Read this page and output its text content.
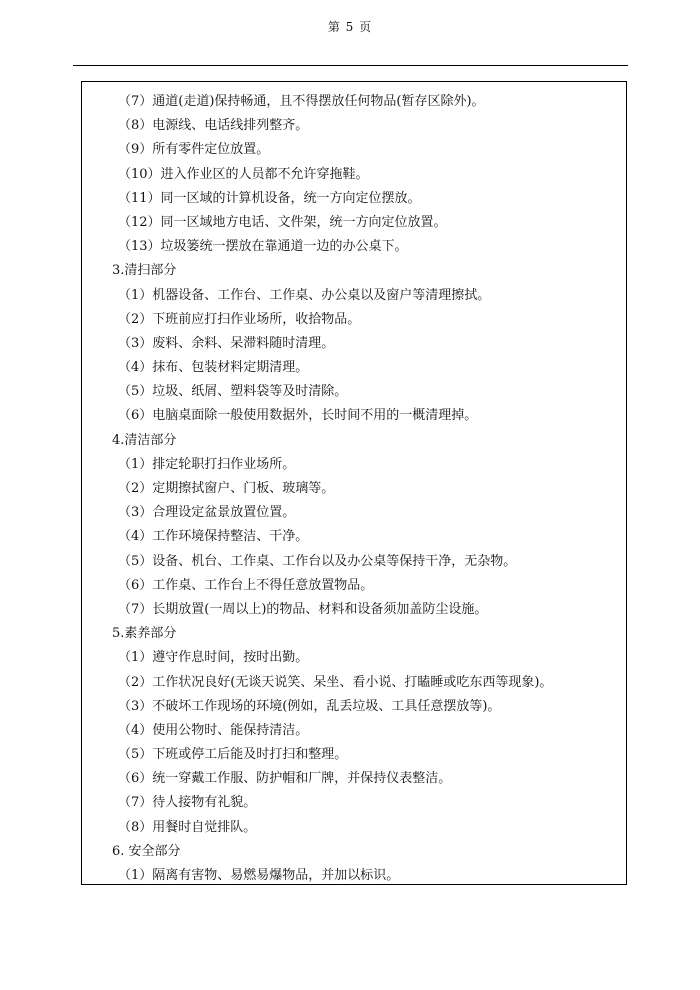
第 5 页
（7）通道(走道)保持畅通，且不得摆放任何物品(暂存区除外)。
（8）电源线、电话线排列整齐。
（9）所有零件定位放置。
（10）进入作业区的人员都不允许穿拖鞋。
（11）同一区域的计算机设备，统一方向定位摆放。
（12）同一区域地方电话、文件架，统一方向定位放置。
（13）垃圾篓统一摆放在靠通道一边的办公桌下。
3.清扫部分
（1）机器设备、工作台、工作桌、办公桌以及窗户等清理擦拭。
（2）下班前应打扫作业场所，收拾物品。
（3）废料、余料、呆滞料随时清理。
（4）抹布、包装材料定期清理。
（5）垃圾、纸屑、塑料袋等及时清除。
（6）电脑桌面除一般使用数据外，长时间不用的一概清理掉。
4.清洁部分
（1）排定轮职打扫作业场所。
（2）定期擦拭窗户、门板、玻璃等。
（3）合理设定盆景放置位置。
（4）工作环境保持整洁、干净。
（5）设备、机台、工作桌、工作台以及办公桌等保持干净，无杂物。
（6）工作桌、工作台上不得任意放置物品。
（7）长期放置(一周以上)的物品、材料和设备须加盖防尘设施。
5.素养部分
（1）遵守作息时间，按时出勤。
（2）工作状况良好(无谈天说笑、呆坐、看小说、打瞌睡或吃东西等现象)。
（3）不破坏工作现场的环境(例如，乱丢垃圾、工具任意摆放等)。
（4）使用公物时、能保持清洁。
（5）下班或停工后能及时打扫和整理。
（6）统一穿戴工作服、防护帽和厂牌，并保持仪表整洁。
（7）待人接物有礼貌。
（8）用餐时自觉排队。
6. 安全部分
（1）隔离有害物、易燃易爆物品，并加以标识。
